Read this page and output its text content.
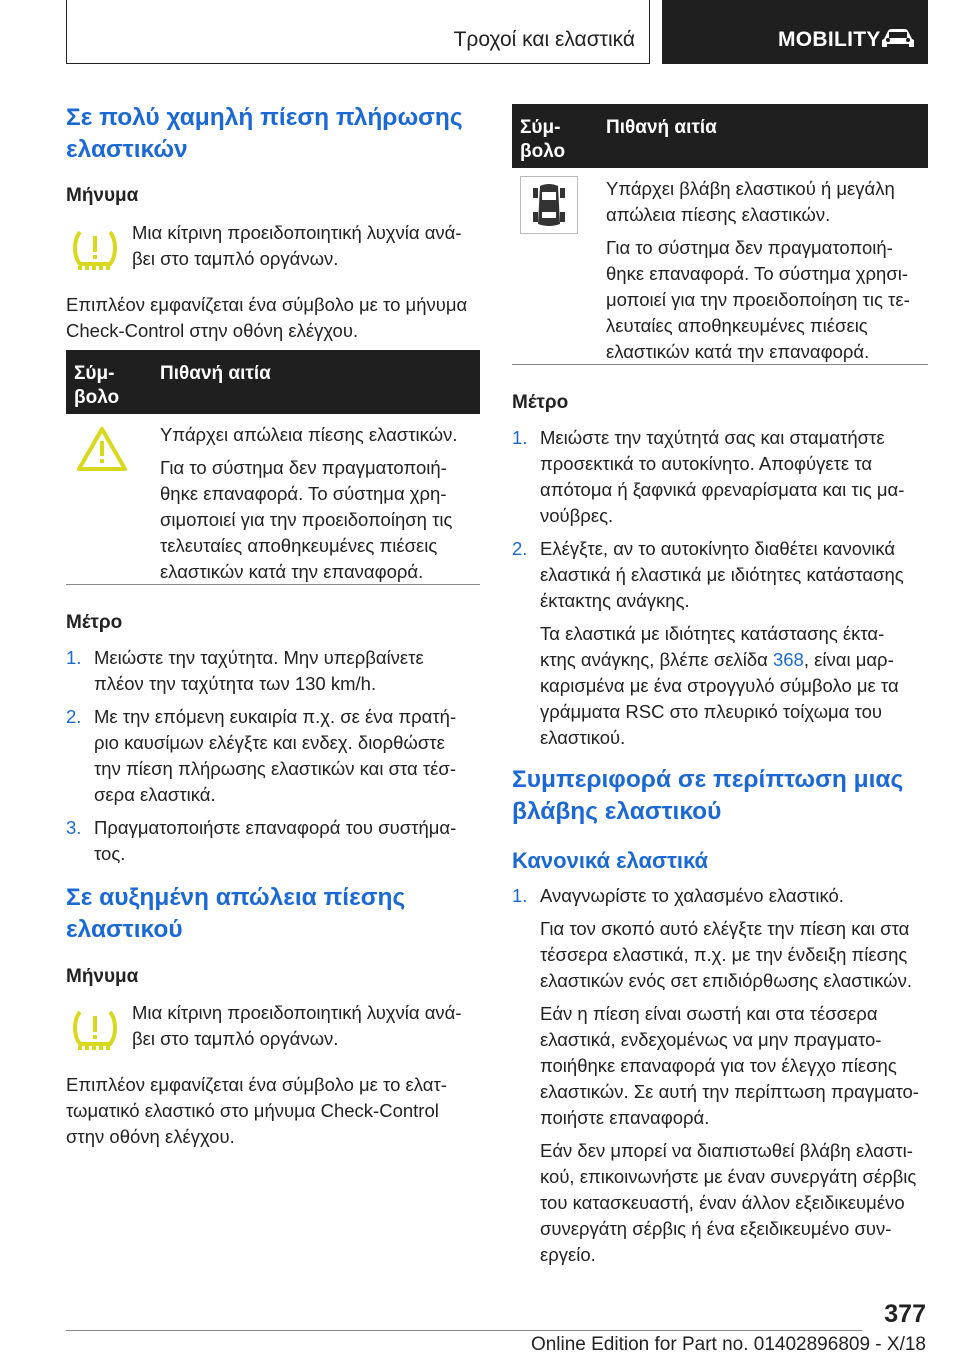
Τροχοί και ελαστικά	MOBILITY
Σε πολύ χαμηλή πίεση πλήρωσης ελαστικών
Μήνυμα
Μια κίτρινη προειδοποιητική λυχνία ανά-
βει στο ταμπλό οργάνων.
Επιπλέον εμφανίζεται ένα σύμβολο με το μήνυμα
Check-Control στην οθόνη ελέγχου.
Σύμ-
βολο
Πιθανή αιτία
Υπάρχει απώλεια πίεσης ελαστικών.
Για το σύστημα δεν πραγματοποιή-
θηκε επαναφορά. Το σύστημα χρη-
σιμοποιεί για την προειδοποίηση τις
τελευταίες αποθηκευμένες πιέσεις
ελαστικών κατά την επαναφορά.
Μέτρο
1. Μειώστε την ταχύτητα. Μην υπερβαίνετε
πλέον την ταχύτητα των 130 km/h.
2. Με την επόμενη ευκαιρία π.χ. σε ένα πρατή-
ριο καυσίμων ελέγξτε και ενδεχ. διορθώστε
την πίεση πλήρωσης ελαστικών και στα τέσ-
σερα ελαστικά.
3. Πραγματοποιήστε επαναφορά του συστήμα-
τος.
Σε αυξημένη απώλεια πίεσης ελαστικού
Μήνυμα
Μια κίτρινη προειδοποιητική λυχνία ανά-
βει στο ταμπλό οργάνων.
Επιπλέον εμφανίζεται ένα σύμβολο με το ελατ-
τωματικό ελαστικό στο μήνυμα Check-Control
στην οθόνη ελέγχου.
Σύμ-
βολο
Πιθανή αιτία
Υπάρχει βλάβη ελαστικού ή μεγάλη
απώλεια πίεσης ελαστικών.
Για το σύστημα δεν πραγματοποιή-
θηκε επαναφορά. Το σύστημα χρησι-
μοποιεί για την προειδοποίηση τις τε-
λευταίες αποθηκευμένες πιέσεις
ελαστικών κατά την επαναφορά.
Μέτρο
1. Μειώστε την ταχύτητά σας και σταματήστε
προσεκτικά το αυτοκίνητο. Αποφύγετε τα
απότομα ή ξαφνικά φρεναρίσματα και τις μα-
νούβρες.
2. Ελέγξτε, αν το αυτοκίνητο διαθέτει κανονικά
ελαστικά ή ελαστικά με ιδιότητες κατάστασης
έκτακτης ανάγκης.
Τα ελαστικά με ιδιότητες κατάστασης έκτα-
κτης ανάγκης, βλέπε σελίδα 368, είναι μαρ-
καρισμένα με ένα στρογγυλό σύμβολο με τα
γράμματα RSC στο πλευρικό τοίχωμα του
ελαστικού.
Συμπεριφορά σε περίπτωση μιας βλάβης ελαστικού
Κανονικά ελαστικά
1. Αναγνωρίστε το χαλασμένο ελαστικό.
Για τον σκοπό αυτό ελέγξτε την πίεση και στα
τέσσερα ελαστικά, π.χ. με την ένδειξη πίεσης
ελαστικών ενός σετ επιδιόρθωσης ελαστικών.
Εάν η πίεση είναι σωστή και στα τέσσερα
ελαστικά, ενδεχομένως να μην πραγματο-
ποιήθηκε επαναφορά για τον έλεγχο πίεσης
ελαστικών. Σε αυτή την περίπτωση πραγματο-
ποιήστε επαναφορά.
Εάν δεν μπορεί να διαπιστωθεί βλάβη ελαστι-
κού, επικοινωνήστε με έναν συνεργάτη σέρβις
του κατασκευαστή, έναν άλλον εξειδικευμένο
συνεργάτη σέρβις ή ένα εξειδικευμένο συν-
εργείο.
377
Online Edition for Part no. 01402896809 - X/18
